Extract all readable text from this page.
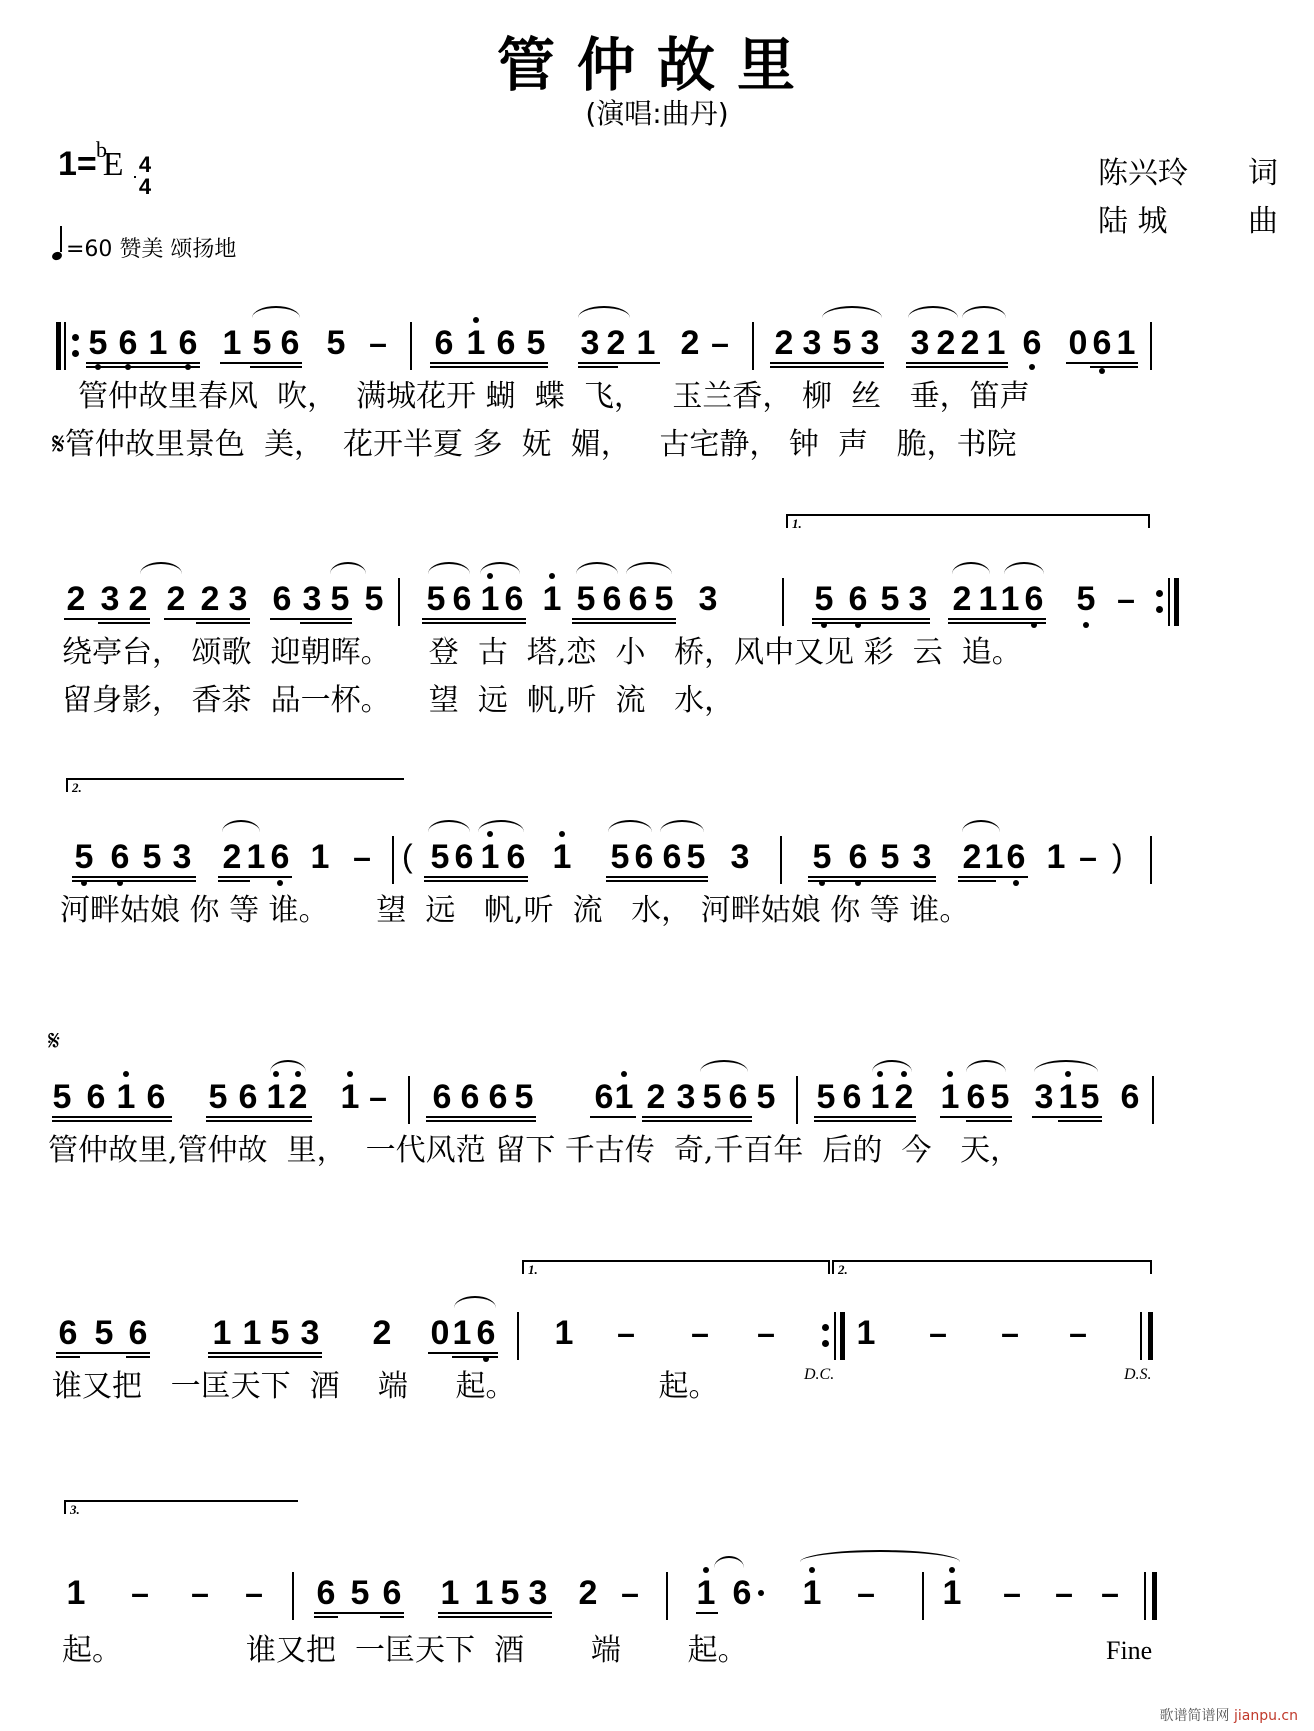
管仲故里
(演唱:曲丹)
1= b
E 4
4
=60 赞美 颂扬地
陈兴玲 词
陆 城	曲
5 6 1 6 1 5 6 5 – 6 1 6 5 3 2 1 2 – 2 3 5 3 3 2 2 1 6 0 6 1
管仲故里春风  吹，  满城花开 蝴  蝶  飞，   玉兰香， 柳  丝   垂，笛声
𝄋管仲故里景色  美，  花开半夏 多  妩  媚，   古宅静， 钟  声   脆，书院
2 3 2 2 2 3 6 3 5 5 5 6 1 6 1 5 6 6 5 3
1.
5 6 5 3 2 1 1 6 5 –
绕亭台， 颂歌  迎朝晖。    登  古  塔,恋  小   桥，风中又见 彩  云  追。
留身影， 香茶  品一杯。    望  远  帆,听  流   水，
2.
5 6 5 3 2 1 6 1 – ( 5 6 1 6 1 5 6 6 5 3 5 6 5 3 2 1 6 1 – )
河畔姑娘 你 等 谁。     望  远   帆,听  流   水， 河畔姑娘 你 等 谁。
𝄋
5 6 1 6 5 6 1 2 1 – 6 6 6 5 6 1 2 3 5 6 5 5 6 1 2 1 6 5 3 1 5 6
管仲故里,管仲故  里，  一代风范 留下 千古传  奇,千百年  后的  今   天，
6 5 6 1 1 5 3 2 0 1 6
1.
1 – – –
D.C.
2.
1 – – –
D.S.
谁又把   一匡天下  酒    端     起。               起。
3.
1 – – – 6 5 6 1 1 5 3 2 – 1 6 1 – 1 – – –
Fine
起。             谁又把  一匡天下  酒       端       起。
歌谱简谱网 jianpu.cn
